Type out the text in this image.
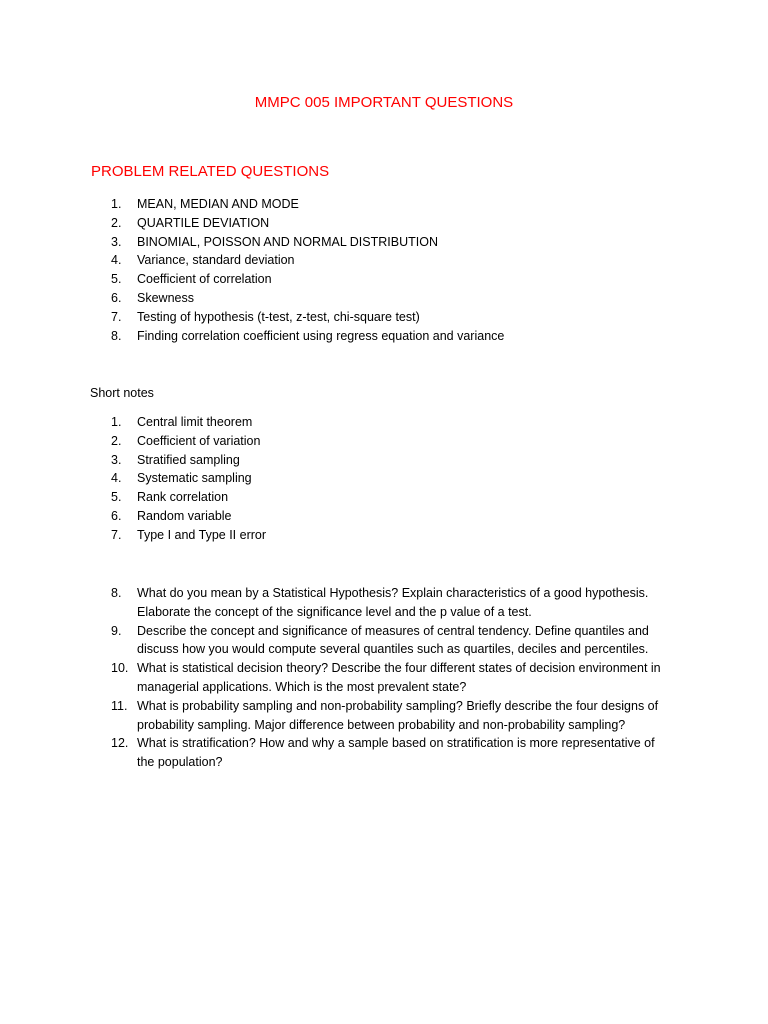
MMPC 005 IMPORTANT QUESTIONS
PROBLEM RELATED QUESTIONS
1.	MEAN, MEDIAN AND MODE
2.	QUARTILE DEVIATION
3.	BINOMIAL, POISSON AND NORMAL DISTRIBUTION
4.	Variance, standard deviation
5.	Coefficient of correlation
6.	Skewness
7.	Testing of hypothesis (t-test, z-test, chi-square test)
8.	Finding correlation coefficient using regress equation and variance
Short notes
1.	Central limit theorem
2.	Coefficient of variation
3.	Stratified sampling
4.	Systematic sampling
5.	Rank correlation
6.	Random variable
7.	Type I and Type II error
8.	What do you mean by a Statistical Hypothesis? Explain characteristics of a good hypothesis. Elaborate the concept of the significance level and the p value of a test.
9.	Describe the concept and significance of measures of central tendency. Define quantiles and discuss how you would compute several quantiles such as quartiles, deciles and percentiles.
10. What is statistical decision theory? Describe the four different states of decision environment in managerial applications. Which is the most prevalent state?
11. What is probability sampling and non-probability sampling? Briefly describe the four designs of probability sampling. Major difference between probability and non-probability sampling?
12. What is stratification? How and why a sample based on stratification is more representative of the population?
